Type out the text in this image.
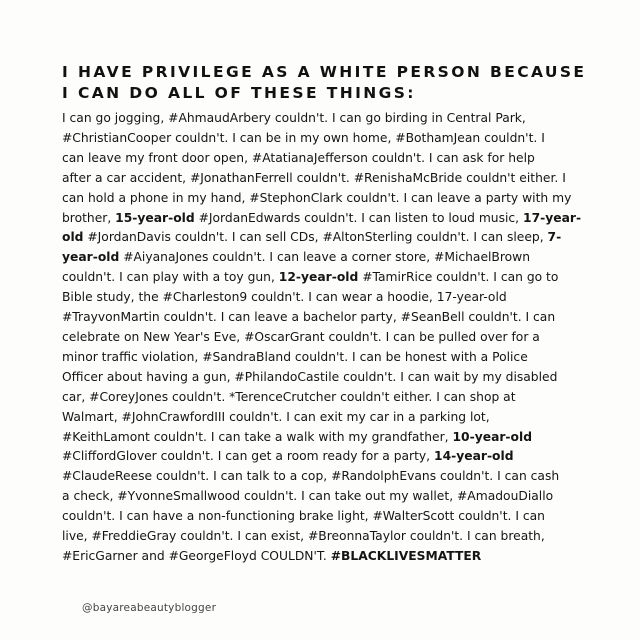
I HAVE PRIVILEGE AS A WHITE PERSON BECAUSE
I CAN DO ALL OF THESE THINGS:
I can go jogging, #AhmaudArbery couldn't. I can go birding in Central Park,
#ChristianCooper couldn't. I can be in my own home, #BothamJean couldn't. I
can leave my front door open, #AtatianaJefferson couldn't. I can ask for help
after a car accident, #JonathanFerrell couldn't. #RenishaMcBride couldn't either. I
can hold a phone in my hand, #StephonClark couldn't. I can leave a party with my
brother, 15-year-old #JordanEdwards couldn't. I can listen to loud music, 17-year-
old #JordanDavis couldn't. I can sell CDs, #AltonSterling couldn't. I can sleep, 7-
year-old #AiyanaJones couldn't. I can leave a corner store, #MichaelBrown
couldn't. I can play with a toy gun, 12-year-old #TamirRice couldn't. I can go to
Bible study, the #Charleston9 couldn't. I can wear a hoodie, 17-year-old
#TrayvonMartin couldn't. I can leave a bachelor party, #SeanBell couldn't. I can
celebrate on New Year's Eve, #OscarGrant couldn't. I can be pulled over for a
minor traffic violation, #SandraBland couldn't. I can be honest with a Police
Officer about having a gun, #PhilandoCastile couldn't. I can wait by my disabled
car, #CoreyJones couldn't. *TerenceCrutcher couldn't either. I can shop at
Walmart, #JohnCrawfordIII couldn't. I can exit my car in a parking lot,
#KeithLamont couldn't. I can take a walk with my grandfather, 10-year-old
#CliffordGlover couldn't. I can get a room ready for a party, 14-year-old
#ClaudeReese couldn't. I can talk to a cop, #RandolphEvans couldn't. I can cash
a check, #YvonneSmallwood couldn't. I can take out my wallet, #AmadouDiallo
couldn't. I can have a non-functioning brake light, #WalterScott couldn't. I can
live, #FreddieGray couldn't. I can exist, #BreonnaTaylor couldn't. I can breath,
#EricGarner and #GeorgeFloyd COULDN'T. #BLACKLIVESMATTER
@bayareabeautyblogger
